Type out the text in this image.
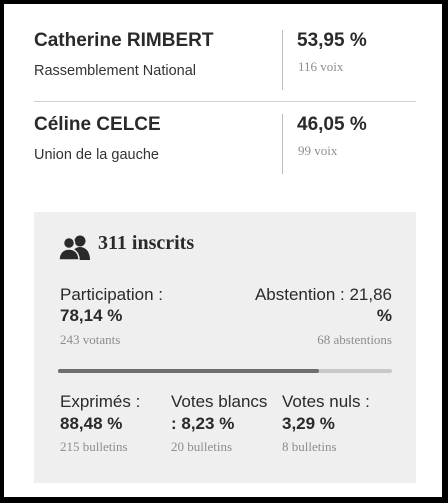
Catherine RIMBERT
Rassemblement National
53,95 %
116 voix
Céline CELCE
Union de la gauche
46,05 %
99 voix
311 inscrits
Participation :
78,14 %
243 votants
Abstention : 21,86
%
68 abstentions
Exprimés :
88,48 %
215 bulletins
Votes blancs
: 8,23 %
20 bulletins
Votes nuls :
3,29 %
8 bulletins
